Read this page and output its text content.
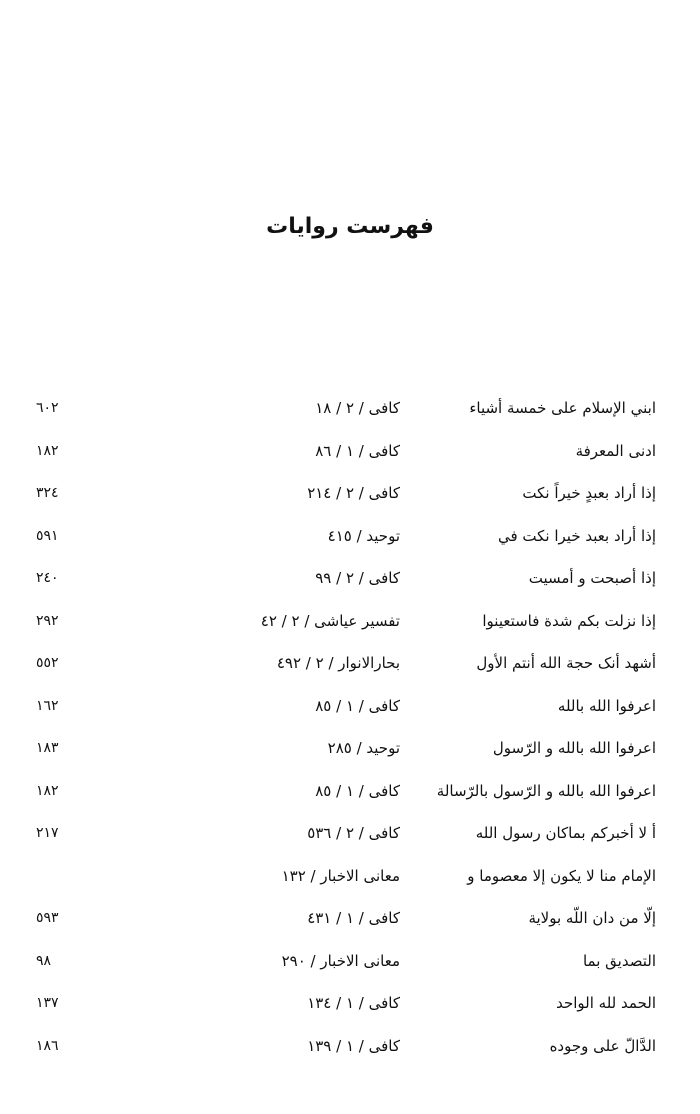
فهرست روايات
ابني الإسلام على خمسة أشياء
كافى / ٢ / ١٨
٦٠٢
ادنى المعرفة
كافى / ١ / ٨٦
١٨٢
إذا أراد بعبدٍ خيراً نكت
كافى / ٢ / ٢١٤
٣٢٤
إذا أراد بعبد خيرا نكت في
توحيد / ٤١٥
٥٩١
إذا أصبحت و أمسيت
كافى / ٢ / ٩٩
٢٤٠
إذا نزلت بكم شدة فاستعينوا
تفسير عياشى / ٢ / ٤٢
٢٩٢
أشهد أنک حجة الله أنتم الأول
بحارالانوار / ٢ / ٤٩٢
٥٥٢
اعرفوا الله بالله
كافى / ١ / ٨٥
١٦٢
اعرفوا الله بالله و الرّسول
توحيد / ٢٨٥
١٨٣
اعرفوا الله بالله و الرّسول بالرّسالة
كافى / ١ / ٨٥
١٨٢
أ لا أخبركم بماكان رسول الله
كافى / ٢ / ٥٣٦
٢١٧
الإمام منا لا يكون إلا معصوما و
معانى الاخبار / ١٣٢
إلّا من دان اللّه بولاية
كافى / ١ / ٤٣١
٥٩٣
التصديق بما
معانى الاخبار / ٢٩٠
٩٨
الحمد لله الواحد
كافى / ١ / ١٣٤
١٣٧
الدَّالّ على وجوده
كافى / ١ / ١٣٩
١٨٦
